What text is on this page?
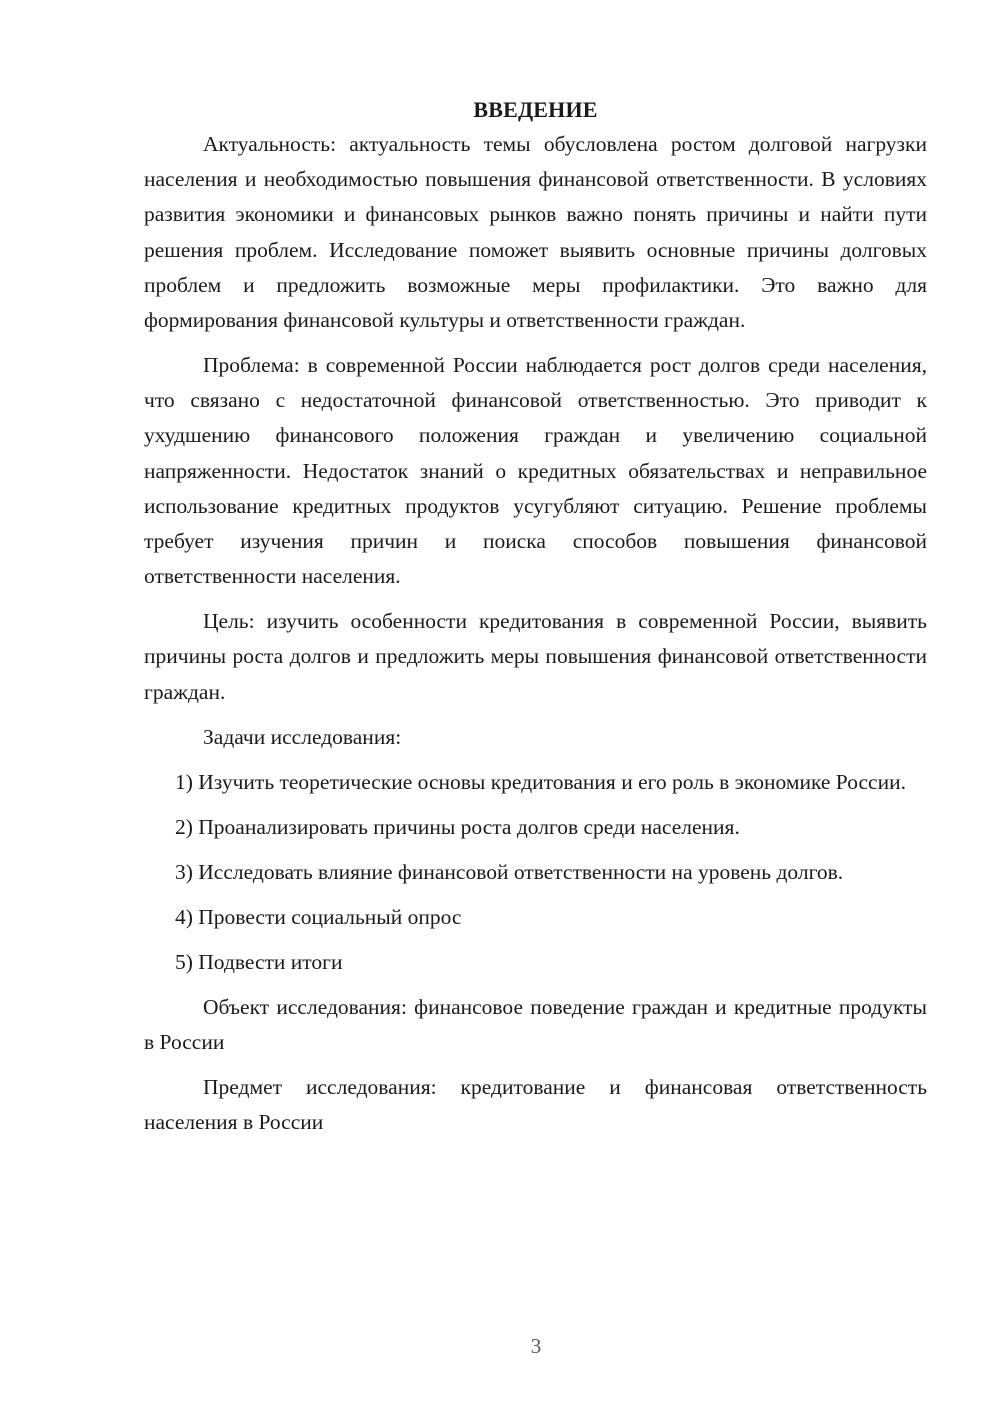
ВВЕДЕНИЕ

Актуальность: актуальность темы обусловлена ростом долговой нагрузки населения и необходимостью повышения финансовой ответственности. В условиях развития экономики и финансовых рынков важно понять причины и найти пути решения проблем. Исследование поможет выявить основные причины долговых проблем и предложить возможные меры профилактики. Это важно для формирования финансовой культуры и ответственности граждан.

Проблема: в современной России наблюдается рост долгов среди населения, что связано с недостаточной финансовой ответственностью. Это приводит к ухудшению финансового положения граждан и увеличению социальной напряженности. Недостаток знаний о кредитных обязательствах и неправильное использование кредитных продуктов усугубляют ситуацию. Решение проблемы требует изучения причин и поиска способов повышения финансовой ответственности населения.

Цель: изучить особенности кредитования в современной России, выявить причины роста долгов и предложить меры повышения финансовой ответственности граждан.

Задачи исследования:

1) Изучить теоретические основы кредитования и его роль в экономике России.

2) Проанализировать причины роста долгов среди населения.

3) Исследовать влияние финансовой ответственности на уровень долгов.

4) Провести социальный опрос

5) Подвести итоги

Объект исследования: финансовое поведение граждан и кредитные продукты в России

Предмет исследования: кредитование и финансовая ответственность населения в России

3
